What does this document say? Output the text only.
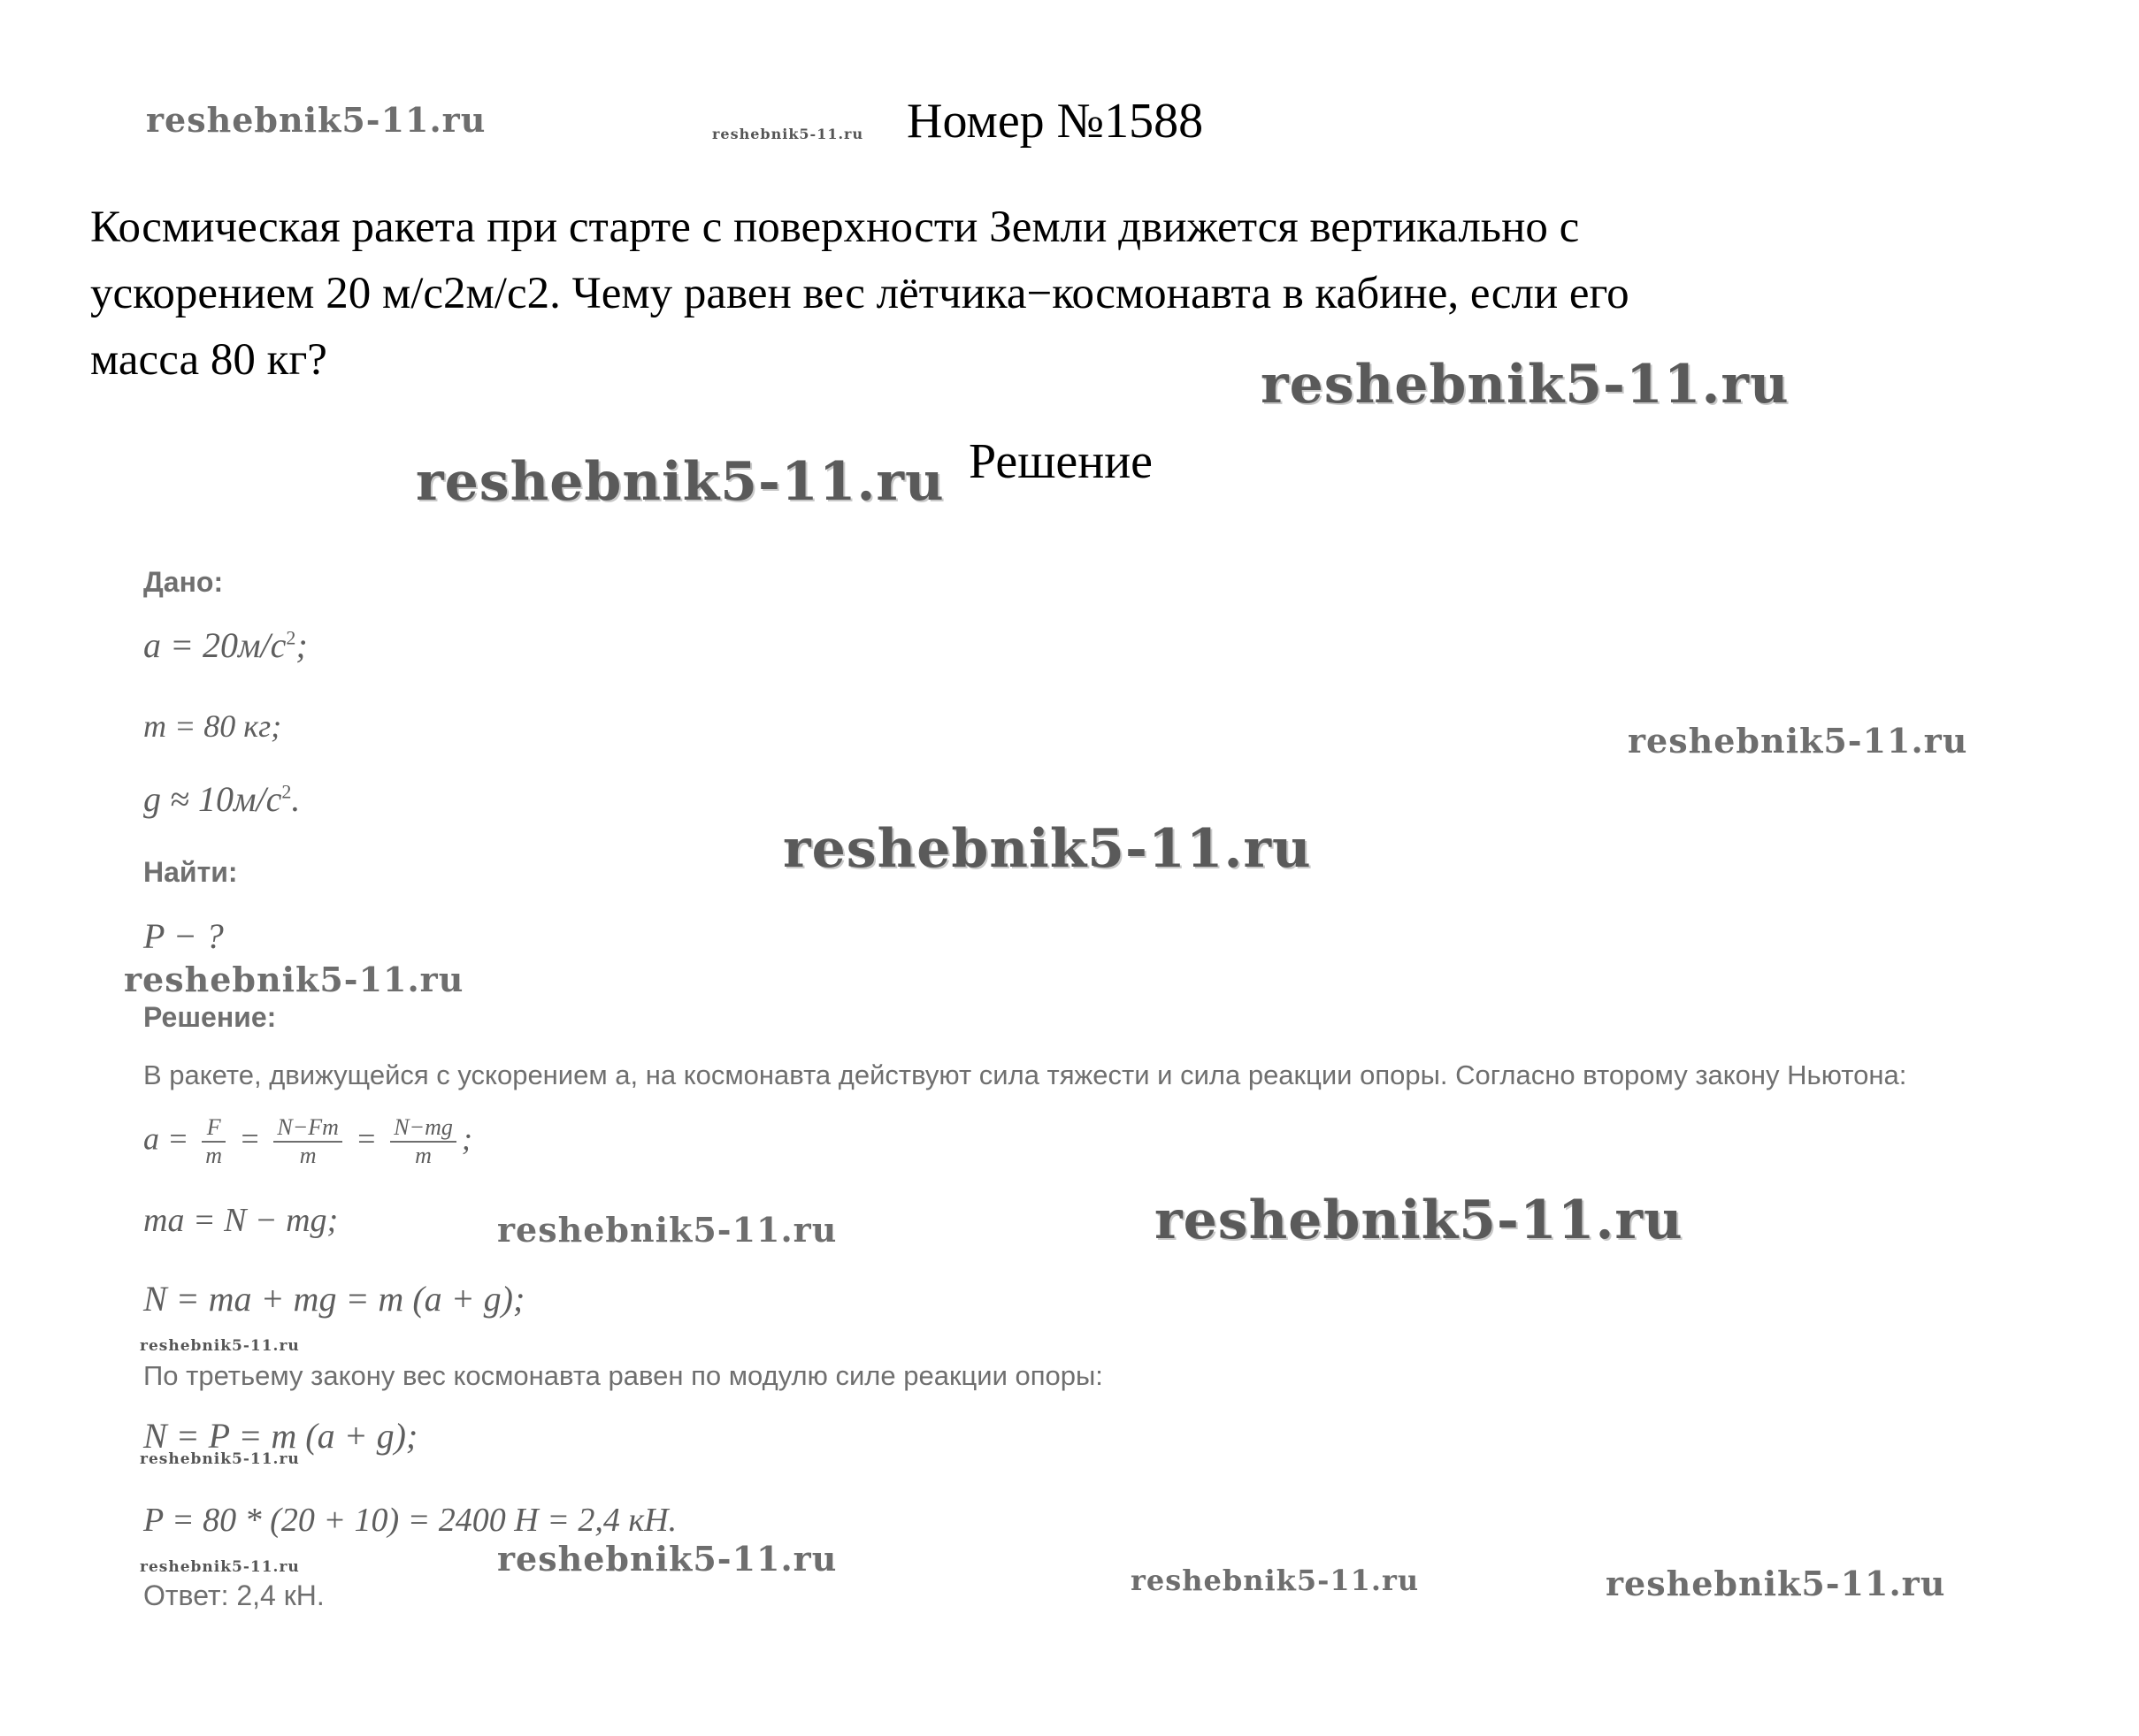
reshebnik5-11.ru	reshebnik5-11.ru Номер №1588
Космическая ракета при старте с поверхности Земли движется вертикально с
ускорением 20 м/с2м/с2. Чему равен вес лётчика−космонавта в кабине, если его
масса 80 кг?	reshebnik5-11.ru
reshebnik5-11.ru Решение
Дано:
$a = 20м/с^2$;
m = 80 кг;
$g \approx 10м/с^2$.
reshebnik5-11.ru
reshebnik5-11.ru
Найти:
P − ?
reshebnik5-11.ru
Решение:
В ракете, движущейся с ускорением a, на космонавта действуют сила тяжести и сила реакции опоры. Согласно второму закону Ньютона:
$a = \frac{F}{m} = \frac{N-Fт}{m} = \frac{N-mg}{m}$ ;
ma = N − mg;	reshebnik5-11.ru	reshebnik5-11.ru
N = ma + mg = m (a + g);
reshebnik5-11.ru
По третьему закону вес космонавта равен по модулю силе реакции опоры:
N = P = m (a + g);
reshebnik5-11.ru
P = 80 * (20 + 10) = 2400 Н = 2,4 кН.
reshebnik5-11.ru
reshebnik5-11.ru
Ответ: 2,4 кН.	reshebnik5-11.ru	reshebnik5-11.ru
